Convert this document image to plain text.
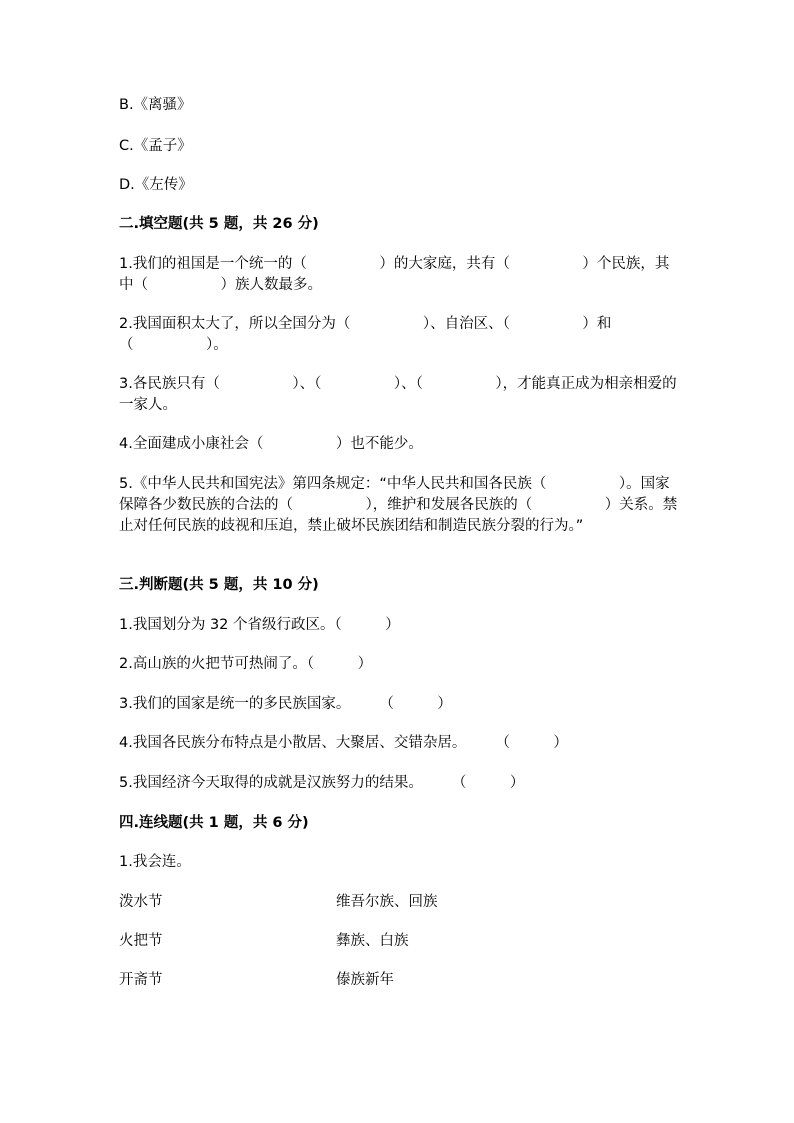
B.《离骚》
C.《孟子》
D.《左传》
二.填空题(共 5 题，共 26 分)
1.我们的祖国是一个统一的（　　　　　）的大家庭，共有（　　　　　）个民族，其中（　　　　　）族人数最多。
2.我国面积太大了，所以全国分为（　　　　　）、自治区、（　　　　　）和（　　　　　）。
3.各民族只有（　　　　　）、（　　　　　）、（　　　　　），才能真正成为相亲相爱的一家人。
4.全面建成小康社会（　　　　　）也不能少。
5.《中华人民共和国宪法》第四条规定：“中华人民共和国各民族（　　　　　）。国家保障各少数民族的合法的（　　　　　），维护和发展各民族的（　　　　　）关系。禁止对任何民族的歧视和压迫，禁止破坏民族团结和制造民族分裂的行为。”
三.判断题(共 5 题，共 10 分)
1.我国划分为 32 个省级行政区。（　　　）
2.高山族的火把节可热闹了。（　　　）
3.我们的国家是统一的多民族国家。　　　（　　　）
4.我国各民族分布特点是小散居、大聚居、交错杂居。　　　（　　　）
5.我国经济今天取得的成就是汉族努力的结果。　　　（　　　）
四.连线题(共 1 题，共 6 分)
1.我会连。
泼水节	维吾尔族、回族
火把节	彝族、白族
开斋节	傣族新年
